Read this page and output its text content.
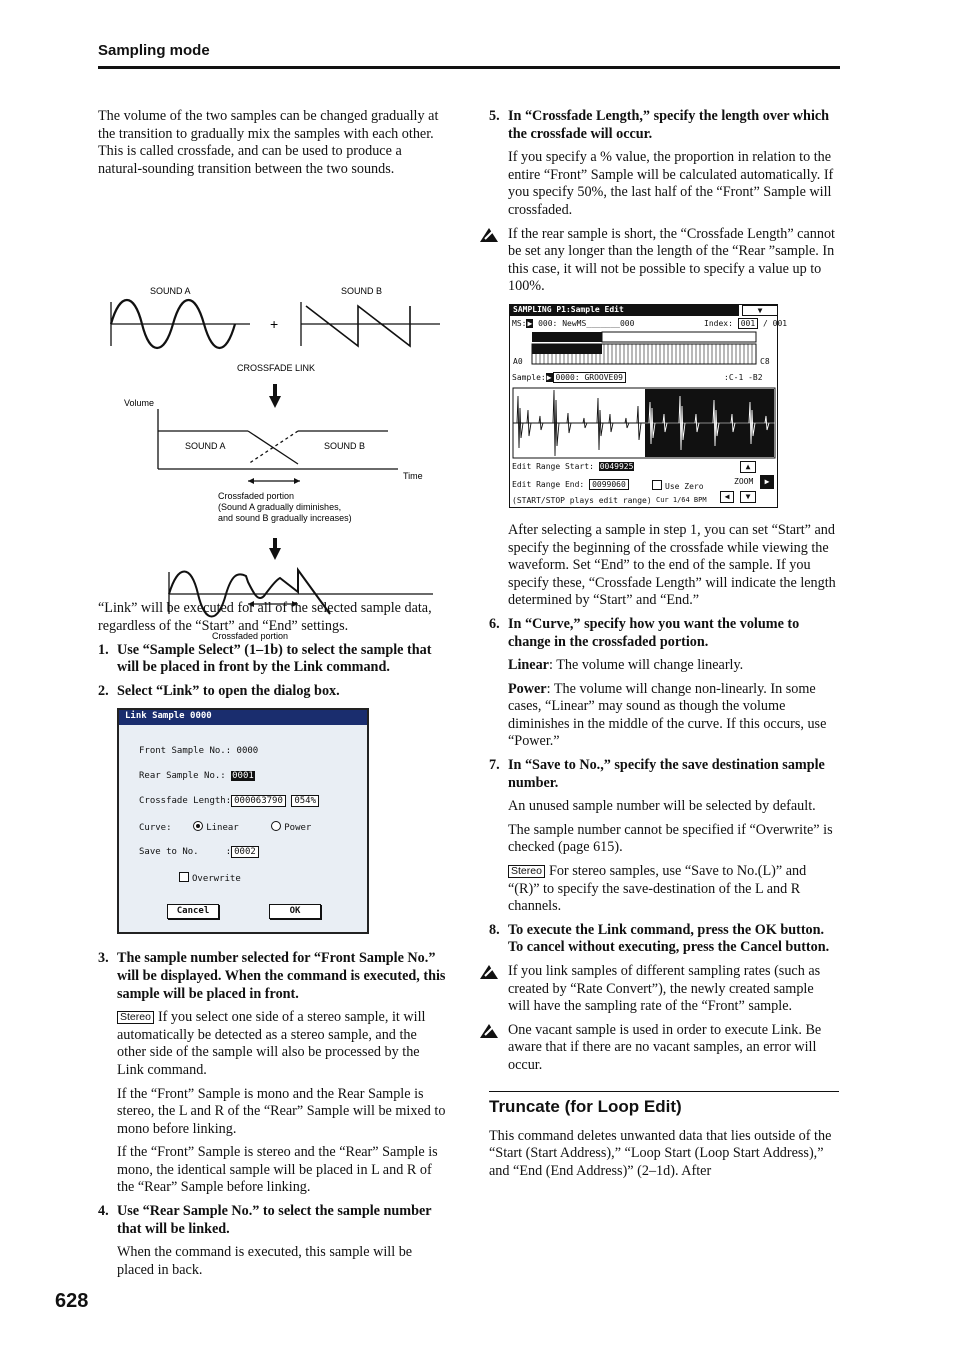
Sampling mode

The volume of the two samples can be changed gradually at the transition to gradually mix the samples with each other. This is called crossfade, and can be used to produce a natural-sounding transition between the two sounds.

SOUND A	SOUND B
+
CROSSFADE LINK
Volume
SOUND A	SOUND B
Time
Crossfaded portion
(Sound A gradually diminishes,
and sound B gradually increases)
Crossfaded portion

“Link” will be executed for all of the selected sample data, regardless of the “Start” and “End” settings.

1. Use “Sample Select” (1–1b) to select the sample that will be placed in front by the Link command.
2. Select “Link” to open the dialog box.
Link Sample 0000
Front Sample No.: 0000
Rear Sample No.: 0001
Crossfade Length: 000063790 054%
Curve:	Linear	Power
Save to No.	: 0002
Overwrite
Cancel	OK
3. The sample number selected for “Front Sample No.” will be displayed. When the command is executed, this sample will be placed in front.

Stereo If you select one side of a stereo sample, it will automatically be detected as a stereo sample, and the other side of the sample will also be processed by the Link command.

If the “Front” Sample is mono and the Rear Sample is stereo, the L and R of the “Rear” Sample will be mixed to mono before linking.

If the “Front” Sample is stereo and the “Rear” Sample is mono, the identical sample will be placed in L and R of the “Rear” Sample before linking.

4. Use “Rear Sample No.” to select the sample number that will be linked.

When the command is executed, this sample will be placed in back.

5. In “Crossfade Length,” specify the length over which the crossfade will occur.

If you specify a % value, the proportion in relation to the entire “Front” Sample will be calculated automatically. If you specify 50%, the last half of the “Front” Sample will crossfaded.

If the rear sample is short, the “Crossfade Length” cannot be set any longer than the length of the “Rear ”sample. In this case, it will not be possible to specify a value up to 100%.
SAMPLING P1:Sample Edit	▼
MS:▶ 000: NewMS_______000	Index: 001 / 001
A0	C8
Sample:▶ 0000: GROOVE09	:C-1 -B2
Edit Range Start: 0049925
Edit Range End: 0099060	Use Zero
(START/STOP plays edit range) Cur 1/64 BPM
▲
ZOOM
◀	▼
▶

After selecting a sample in step 1, you can set “Start” and specify the beginning of the crossfade while viewing the waveform. Set “End” to the end of the sample. If you specify these, “Crossfade Length” will indicate the length determined by “Start” and “End.”

6. In “Curve,” specify how you want the volume to change in the crossfaded portion.

Linear: The volume will change linearly.

Power: The volume will change non-linearly. In some cases, “Linear” may sound as though the volume diminishes in the middle of the curve. If this occurs, use “Power.”

7. In “Save to No.,” specify the save destination sample number.

An unused sample number will be selected by default.

The sample number cannot be specified if “Overwrite” is checked (page 615).

Stereo For stereo samples, use “Save to No.(L)” and “(R)” to specify the save-destination of the L and R channels.

8. To execute the Link command, press the OK button. To cancel without executing, press the Cancel button.
If you link samples of different sampling rates (such as created by “Rate Convert”), the newly created sample will have the sampling rate of the “Front” sample.
One vacant sample is used in order to execute Link. Be aware that if there are no vacant samples, an error will occur.
Truncate (for Loop Edit)

This command deletes unwanted data that lies outside of the “Start (Start Address),” “Loop Start (Loop Start Address),” and “End (End Address)” (2–1d). After

628
